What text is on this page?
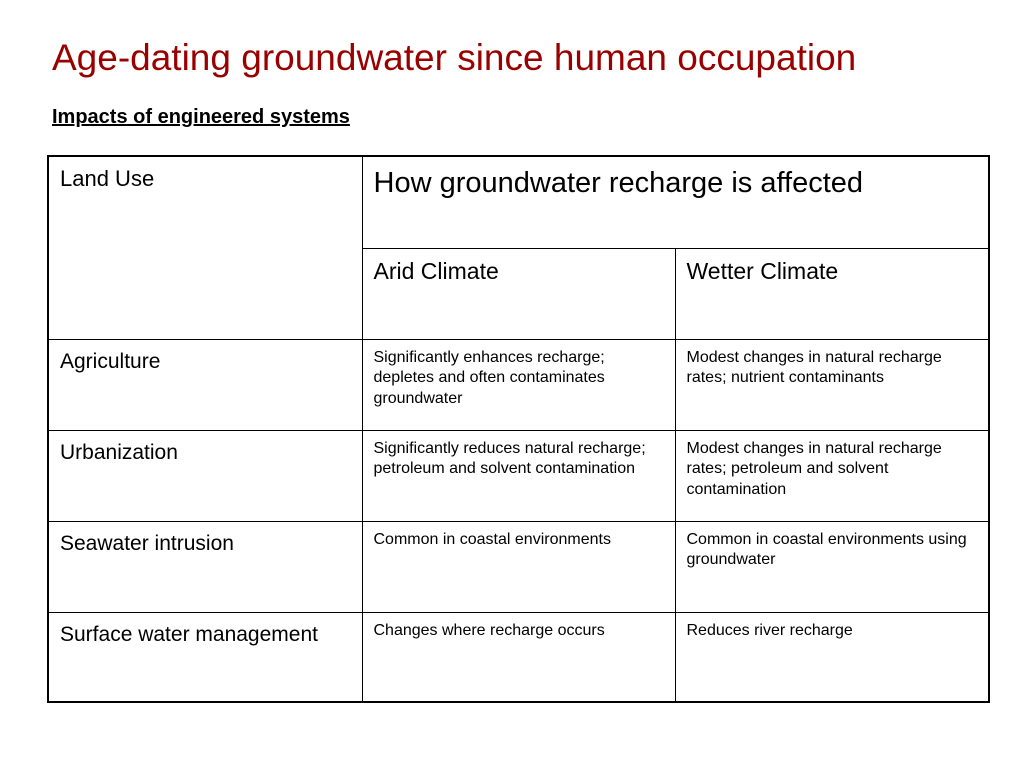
Age-dating groundwater since human occupation
Impacts of engineered systems
Land Use	How groundwater recharge is affected	
	Arid Climate	Wetter Climate
Agriculture	Significantly enhances recharge; depletes and often contaminates groundwater	Modest changes in natural recharge rates; nutrient contaminants
Urbanization	Significantly reduces natural recharge; petroleum and solvent contamination	Modest changes in natural recharge rates; petroleum and solvent contamination
Seawater intrusion	Common in coastal environments	Common in coastal environments using groundwater
Surface water management	Changes where recharge occurs	Reduces river recharge
